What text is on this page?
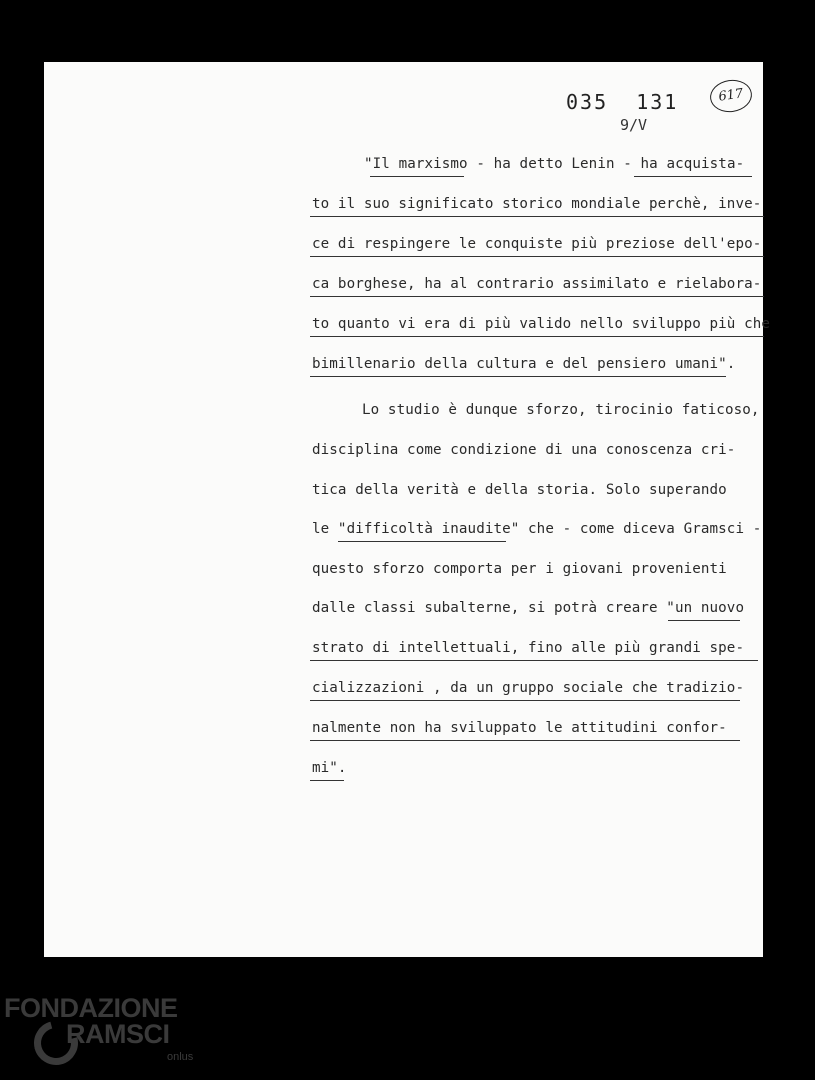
035  131
9/V
617
"Il marxismo - ha detto Lenin - ha acquista-
to il suo significato storico mondiale perchè, inve-
ce di respingere le conquiste più preziose dell'epo-
ca borghese, ha al contrario assimilato e rielabora-
to quanto vi era di più valido nello sviluppo più che
bimillenario della cultura e del pensiero umani".
Lo studio è dunque sforzo, tirocinio faticoso,
disciplina come condizione di una conoscenza cri-
tica della verità e della storia. Solo superando
le "difficoltà inaudite" che - come diceva Gramsci -
questo sforzo comporta per i giovani provenienti
dalle classi subalterne, si potrà creare "un nuovo
strato di intellettuali, fino alle più grandi spe-
cializzazioni , da un gruppo sociale che tradizio-
nalmente non ha sviluppato le attitudini confor-
mi".
FONDAZIONE
RAMSCI
onlus
